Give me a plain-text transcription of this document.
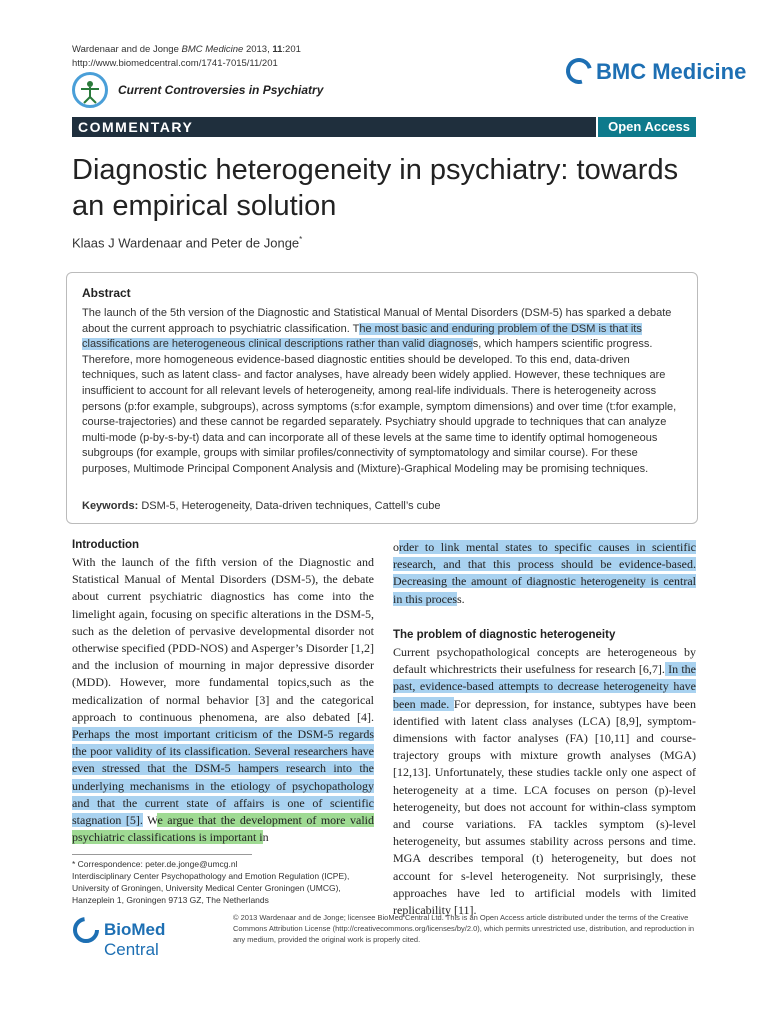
Wardenaar and de Jonge BMC Medicine 2013, 11:201
http://www.biomedcentral.com/1741-7015/11/201
Current Controversies in Psychiatry
BMC Medicine
COMMENTARY	Open Access
Diagnostic heterogeneity in psychiatry: towards
an empirical solution
Klaas J Wardenaar and Peter de Jonge*
Abstract
The launch of the 5th version of the Diagnostic and Statistical Manual of Mental Disorders (DSM-5) has sparked a debate about the current approach to psychiatric classification. The most basic and enduring problem of the DSM is that its classifications are heterogeneous clinical descriptions rather than valid diagnoses, which hampers scientific progress. Therefore, more homogeneous evidence-based diagnostic entities should be developed. To this end, data-driven techniques, such as latent class- and factor analyses, have already been widely applied. However, these techniques are insufficient to account for all relevant levels of heterogeneity, among real-life individuals. There is heterogeneity across persons (p:for example, subgroups), across symptoms (s:for example, symptom dimensions) and over time (t:for example, course-trajectories) and these cannot be regarded separately. Psychiatry should upgrade to techniques that can analyze multi-mode (p-by-s-by-t) data and can incorporate all of these levels at the same time to identify optimal homogeneous subgroups (for example, groups with similar profiles/connectivity of symptomatology and similar course). For these purposes, Multimode Principal Component Analysis and (Mixture)-Graphical Modeling may be promising techniques.
Keywords: DSM-5, Heterogeneity, Data-driven techniques, Cattell’s cube
Introduction
With the launch of the fifth version of the Diagnostic and Statistical Manual of Mental Disorders (DSM-5), the debate about current psychiatric diagnostics has come into the limelight again, focusing on specific alterations in the DSM-5, such as the deletion of pervasive developmental disorder not otherwise specified (PDD-NOS) and Asperger’s Disorder [1,2] and the inclusion of mourning in major depressive disorder (MDD). However, more fundamental topics,such as the medicalization of normal behavior [3] and the categorical approach to continuous phenomena, are also debated [4]. Perhaps the most important criticism of the DSM-5 regards the poor validity of its classification. Several researchers have even stressed that the DSM-5 hampers research into the underlying mechanisms in the etiology of psychopathology and that the current state of affairs is one of scientific stagnation [5]. We argue that the development of more valid psychiatric classifications is important in
* Correspondence: peter.de.jonge@umcg.nl
Interdisciplinary Center Psychopathology and Emotion Regulation (ICPE),
University of Groningen, University Medical Center Groningen (UMCG),
Hanzeplein 1, Groningen 9713 GZ, The Netherlands
order to link mental states to specific causes in scientific research, and that this process should be evidence-based. Decreasing the amount of diagnostic heterogeneity is central in this process.
The problem of diagnostic heterogeneity
Current psychopathological concepts are heterogeneous by default whichrestricts their usefulness for research [6,7]. In the past, evidence-based attempts to decrease heterogeneity have been made. For depression, for instance, subtypes have been identified with latent class analyses (LCA) [8,9], symptom-dimensions with factor analyses (FA) [10,11] and course-trajectory groups with mixture growth analyses (MGA) [12,13]. Unfortunately, these studies tackle only one aspect of heterogeneity at a time. LCA focuses on person (p)-level heterogeneity, but does not account for within-class symptom and course variations. FA tackles symptom (s)-level heterogeneity, but assumes stability across persons and time. MGA describes temporal (t) heterogeneity, but does not account for s-level heterogeneity. Not surprisingly, these approaches have led to artificial models with limited replicability [11].
BioMed Central
© 2013 Wardenaar and de Jonge; licensee BioMed Central Ltd. This is an Open Access article distributed under the terms of the Creative Commons Attribution License (http://creativecommons.org/licenses/by/2.0), which permits unrestricted use, distribution, and reproduction in any medium, provided the original work is properly cited.
